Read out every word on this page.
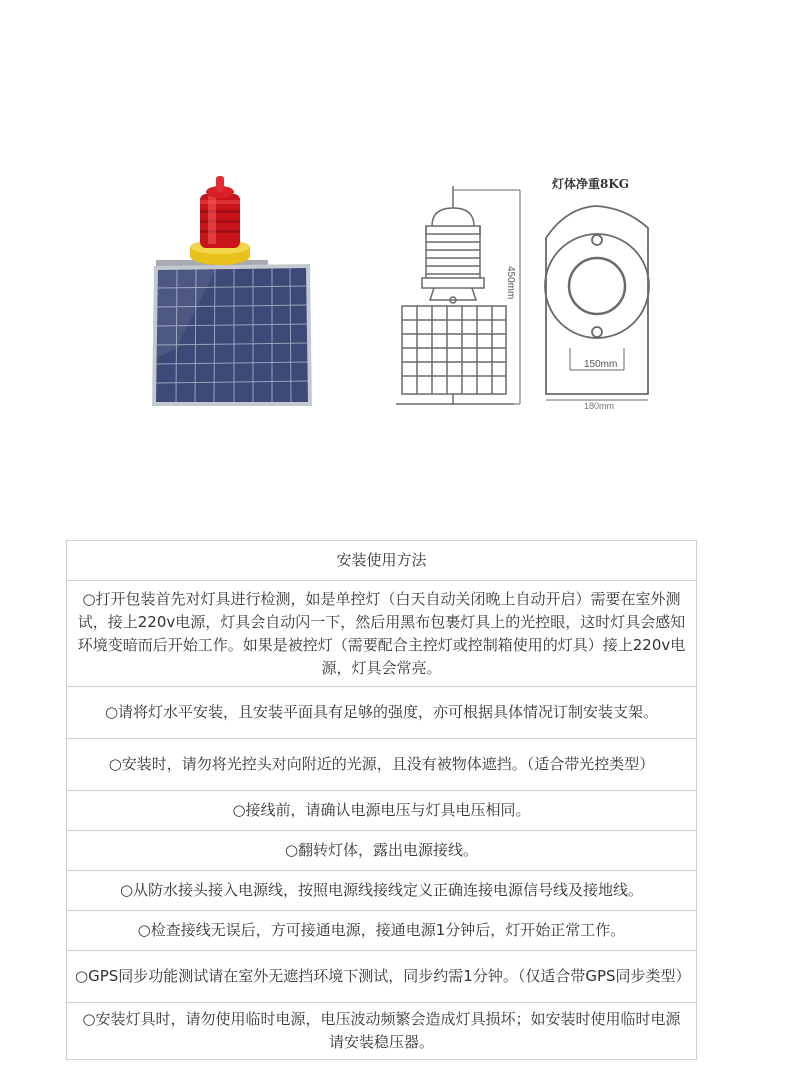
灯体净重8KG
450mm
150mm
180mm
安装使用方法
○打开包装首先对灯具进行检测，如是单控灯（白天自动关闭晚上自动开启）需要在室外测试，接上220v电源，灯具会自动闪一下，然后用黑布包裹灯具上的光控眼，这时灯具会感知环境变暗而后开始工作。如果是被控灯（需要配合主控灯或控制箱使用的灯具）接上220v电源，灯具会常亮。
○请将灯水平安装，且安装平面具有足够的强度，亦可根据具体情况订制安装支架。
○安装时，请勿将光控头对向附近的光源，且没有被物体遮挡。（适合带光控类型）
○接线前，请确认电源电压与灯具电压相同。
○翻转灯体，露出电源接线。
○从防水接头接入电源线，按照电源线接线定义正确连接电源信号线及接地线。
○检查接线无误后，方可接通电源，接通电源1分钟后，灯开始正常工作。
○GPS同步功能测试请在室外无遮挡环境下测试，同步约需1分钟。（仅适合带GPS同步类型）
○安装灯具时，请勿使用临时电源，电压波动频繁会造成灯具损坏；如安装时使用临时电源请安装稳压器。
